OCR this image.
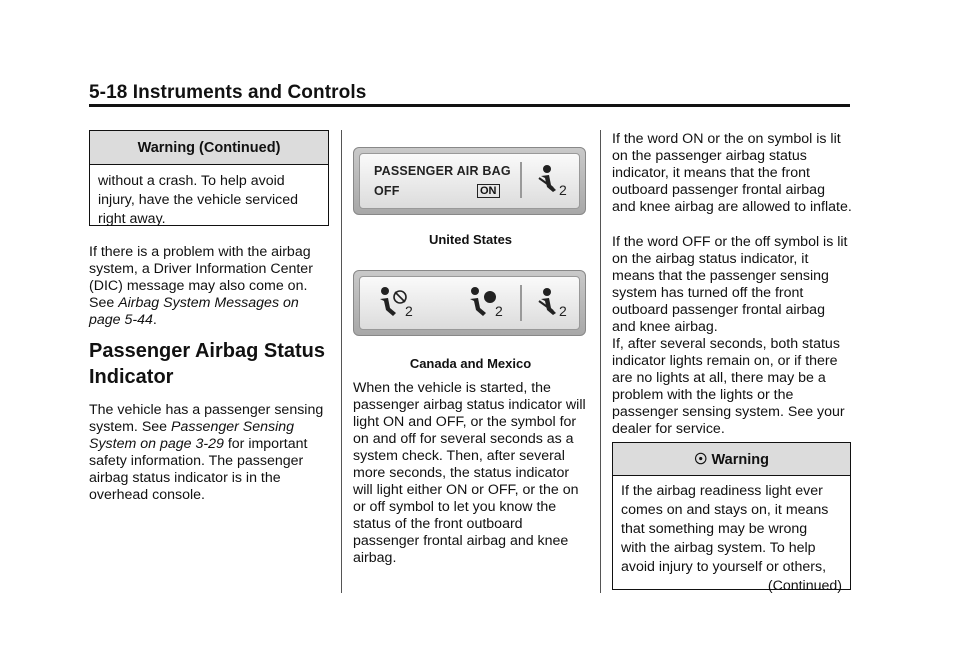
5-18 Instruments and Controls
Warning (Continued)
without a crash. To help avoid
injury, have the vehicle serviced
right away.

If there is a problem with the airbag system, a Driver Information Center (DIC) message may also come on. See Airbag System Messages on page 5-44.

Passenger Airbag Status
Indicator

The vehicle has a passenger sensing system. See Passenger Sensing System on page 3-29 for important safety information. The passenger airbag status indicator is in the overhead console.

PASSENGER AIR BAG
OFF	ON	2
United States
2	2	2
Canada and Mexico

When the vehicle is started, the passenger airbag status indicator will light ON and OFF, or the symbol for on and off for several seconds as a system check. Then, after several more seconds, the status indicator will light either ON or OFF, or the on or off symbol to let you know the status of the front outboard passenger frontal airbag and knee airbag.

If the word ON or the on symbol is lit on the passenger airbag status indicator, it means that the front outboard passenger frontal airbag and knee airbag are allowed to inflate.

If the word OFF or the off symbol is lit on the airbag status indicator, it means that the passenger sensing system has turned off the front outboard passenger frontal airbag and knee airbag.

If, after several seconds, both status indicator lights remain on, or if there are no lights at all, there may be a problem with the lights or the passenger sensing system. See your dealer for service.

☉ Warning
If the airbag readiness light ever
comes on and stays on, it means
that something may be wrong
with the airbag system. To help
avoid injury to yourself or others,
(Continued)
